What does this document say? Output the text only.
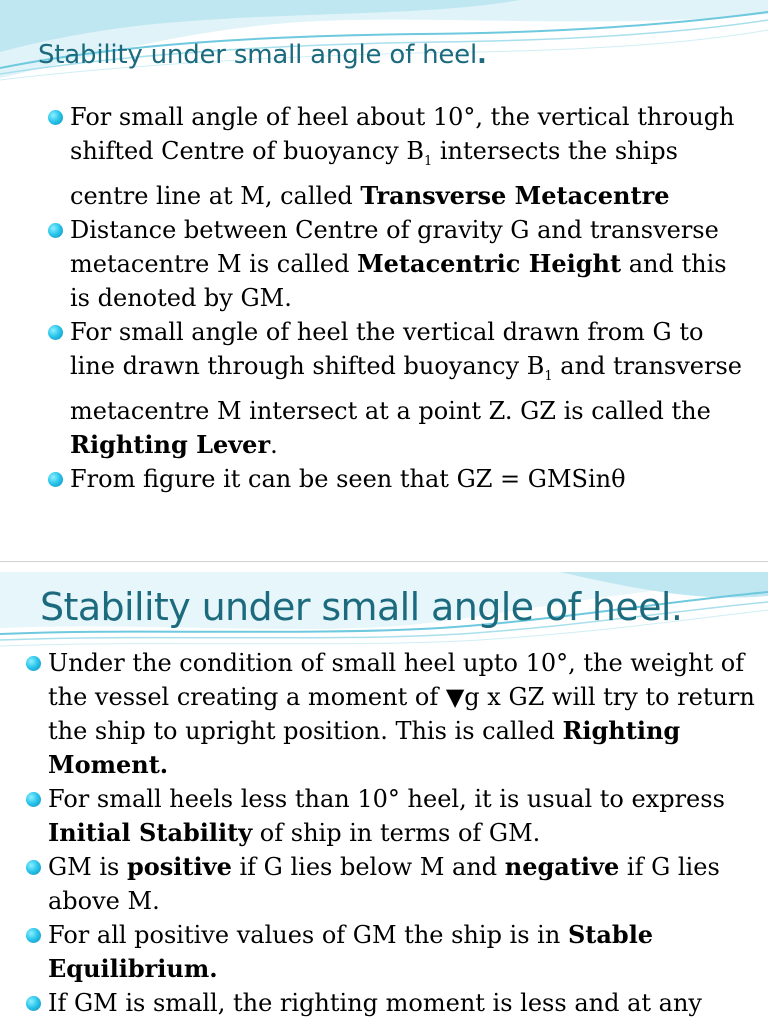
Stability under small angle of heel.
For small angle of heel about 10°, the vertical through shifted Centre of buoyancy $B_1$ intersects the ships centre line at M, called Transverse Metacentre
Distance between Centre of gravity G and transverse metacentre M is called Metacentric Height and this is denoted by GM.
For small angle of heel the vertical drawn from G to line drawn through shifted buoyancy $B_1$ and transverse metacentre M intersect at a point Z. GZ is called the Righting Lever.
From figure it can be seen that GZ = GMSinθ
Stability under small angle of heel.
Under the condition of small heel upto 10°, the weight of the vessel creating a moment of ▼g x GZ will try to return the ship to upright position. This is called Righting Moment.
For small heels less than 10° heel, it is usual to express Initial Stability of ship in terms of GM.
GM is positive if G lies below M and negative if G lies above M.
For all positive values of GM the ship is in Stable Equilibrium.
If GM is small, the righting moment is less and at any
